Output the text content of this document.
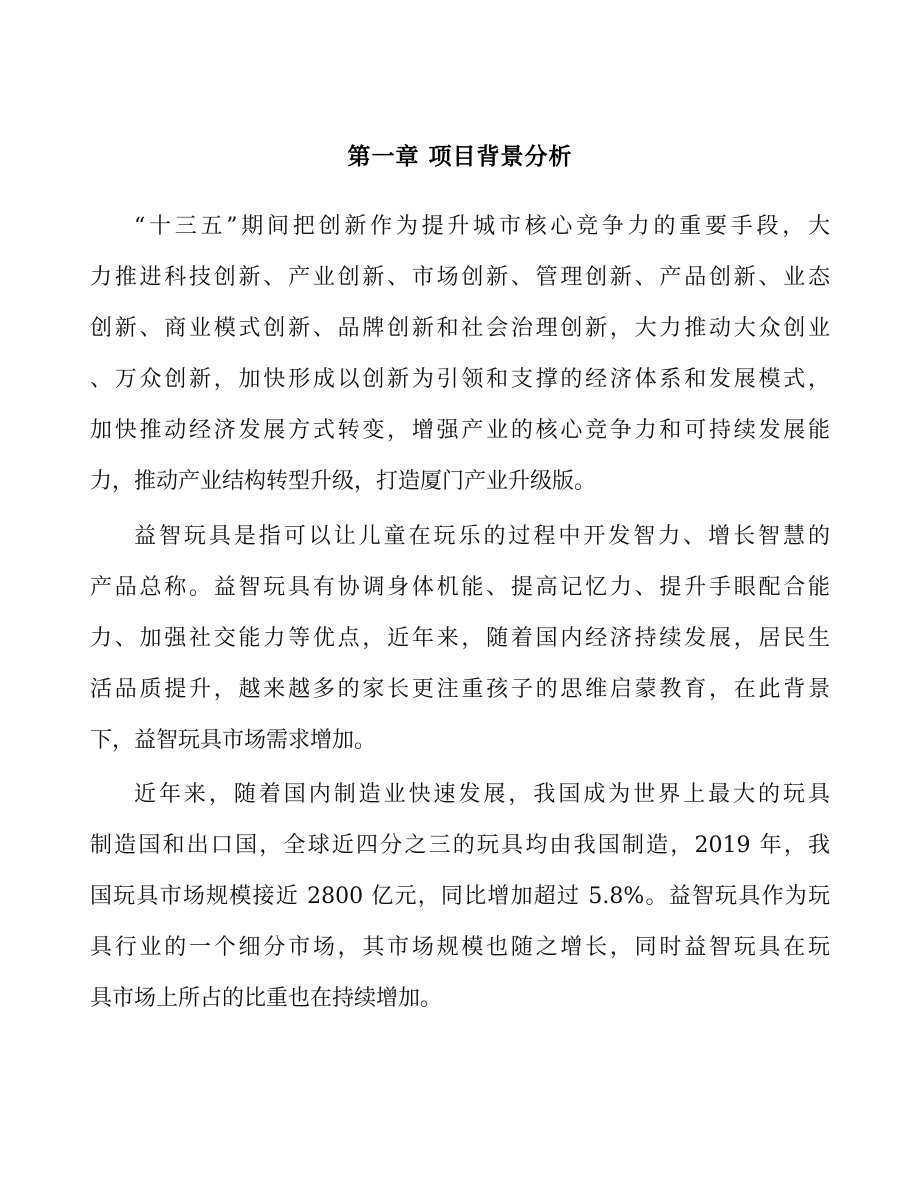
第一章 项目背景分析
“十三五”期间把创新作为提升城市核心竞争力的重要手段，大
力推进科技创新、产业创新、市场创新、管理创新、产品创新、业态
创新、商业模式创新、品牌创新和社会治理创新，大力推动大众创业
、万众创新，加快形成以创新为引领和支撑的经济体系和发展模式，
加快推动经济发展方式转变，增强产业的核心竞争力和可持续发展能
力，推动产业结构转型升级，打造厦门产业升级版。
益智玩具是指可以让儿童在玩乐的过程中开发智力、增长智慧的
产品总称。益智玩具有协调身体机能、提高记忆力、提升手眼配合能
力、加强社交能力等优点，近年来，随着国内经济持续发展，居民生
活品质提升，越来越多的家长更注重孩子的思维启蒙教育，在此背景
下，益智玩具市场需求增加。
近年来，随着国内制造业快速发展，我国成为世界上最大的玩具
制造国和出口国，全球近四分之三的玩具均由我国制造，2019 年，我
国玩具市场规模接近 2800 亿元，同比增加超过 5.8%。益智玩具作为玩
具行业的一个细分市场，其市场规模也随之增长，同时益智玩具在玩
具市场上所占的比重也在持续增加。
